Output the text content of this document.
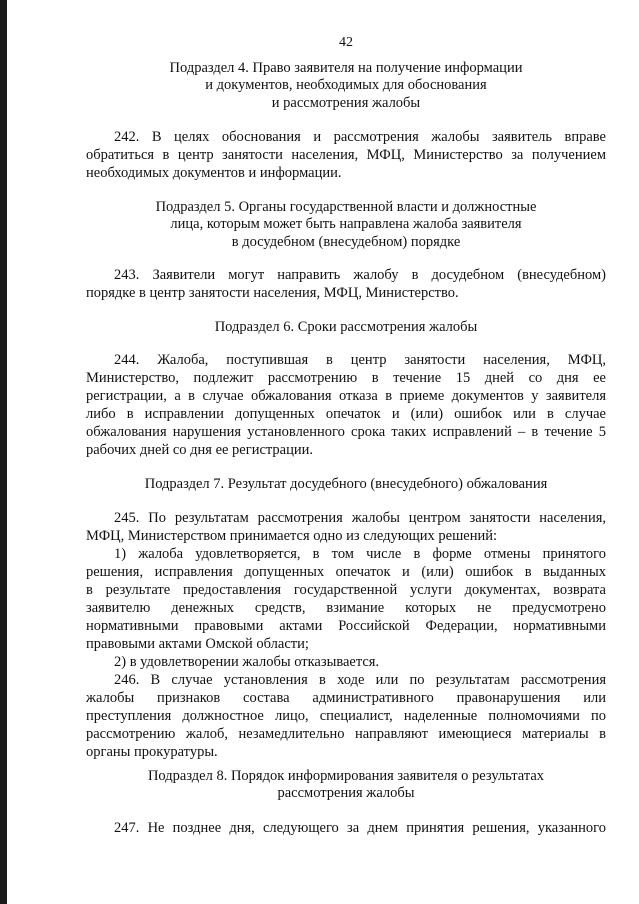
42
Подраздел 4. Право заявителя на получение информации
и документов, необходимых для обоснования
и рассмотрения жалобы
242. В целях обоснования и рассмотрения жалобы заявитель вправе
обратиться в центр занятости населения, МФЦ, Министерство за получением
необходимых документов и информации.
Подраздел 5. Органы государственной власти и должностные
лица, которым может быть направлена жалоба заявителя
в досудебном (внесудебном) порядке
243. Заявители могут направить жалобу в досудебном (внесудебном)
порядке в центр занятости населения, МФЦ, Министерство.
Подраздел 6. Сроки рассмотрения жалобы
244. Жалоба, поступившая в центр занятости населения, МФЦ,
Министерство, подлежит рассмотрению в течение 15 дней со дня ее
регистрации, а в случае обжалования отказа в приеме документов у заявителя
либо в исправлении допущенных опечаток и (или) ошибок или в случае
обжалования нарушения установленного срока таких исправлений – в течение 5
рабочих дней со дня ее регистрации.
Подраздел 7. Результат досудебного (внесудебного) обжалования
245. По результатам рассмотрения жалобы центром занятости населения,
МФЦ, Министерством принимается одно из следующих решений:
1) жалоба удовлетворяется, в том числе в форме отмены принятого
решения, исправления допущенных опечаток и (или) ошибок в выданных
в результате предоставления государственной услуги документах, возврата
заявителю денежных средств, взимание которых не предусмотрено
нормативными правовыми актами Российской Федерации, нормативными
правовыми актами Омской области;
2) в удовлетворении жалобы отказывается.
246. В случае установления в ходе или по результатам рассмотрения
жалобы признаков состава административного правонарушения или
преступления должностное лицо, специалист, наделенные полномочиями по
рассмотрению жалоб, незамедлительно направляют имеющиеся материалы в
органы прокуратуры.
Подраздел 8. Порядок информирования заявителя о результатах
рассмотрения жалобы
247. Не позднее дня, следующего за днем принятия решения, указанного
